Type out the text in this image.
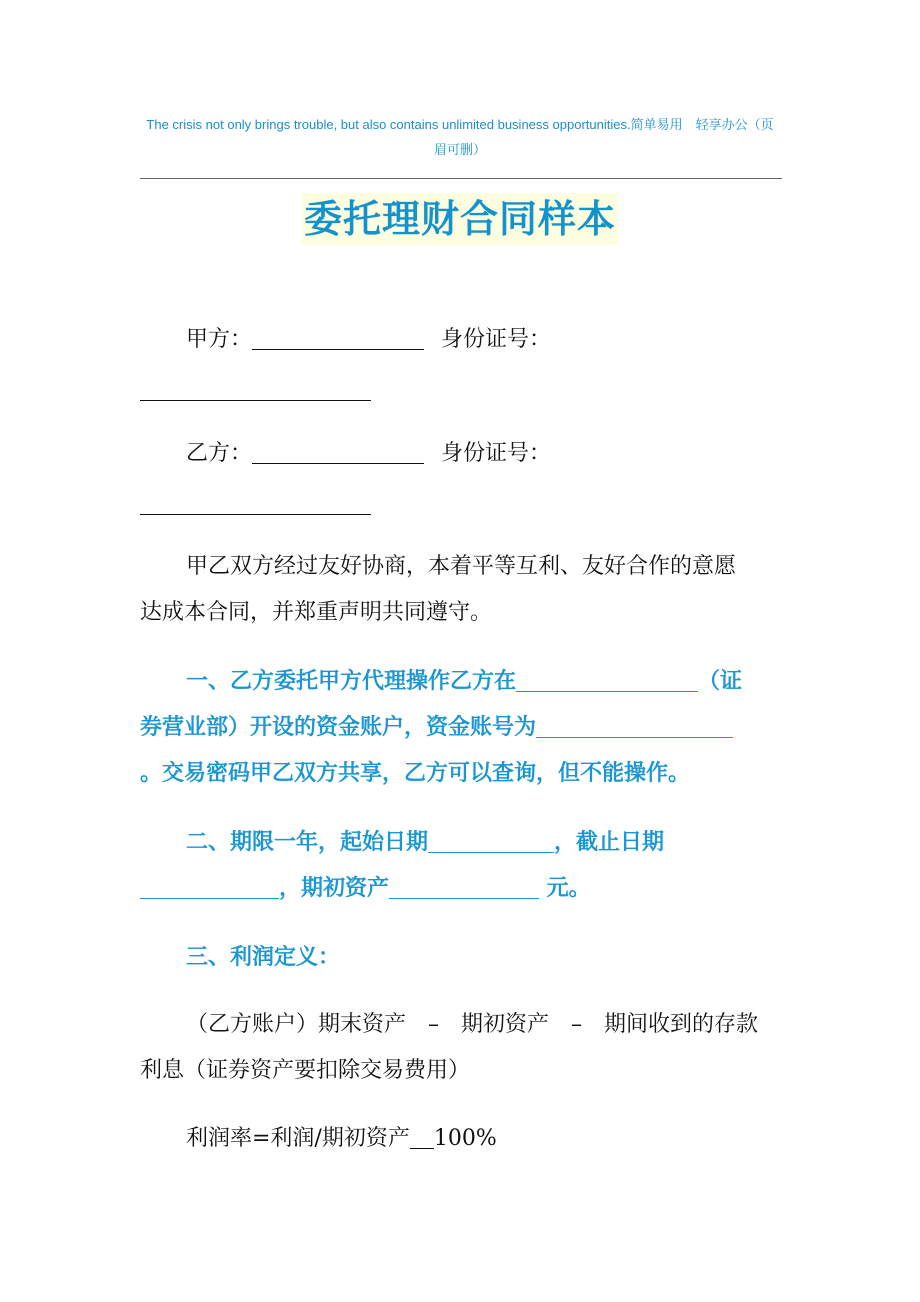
The crisis not only brings trouble, but also contains unlimited business opportunities.简单易用　轻享办公（页
眉可删）
委托理财合同样本
甲方：	身份证号：
乙方：	身份证号：
甲乙双方经过友好协商，本着平等互利、友好合作的意愿
达成本合同，并郑重声明共同遵守。
一、乙方委托甲方代理操作乙方在	（证
券营业部）开设的资金账户，资金账号为
。交易密码甲乙双方共享，乙方可以查询，但不能操作。
二、期限一年，起始日期	，截止日期
，期初资产	元。
三、利润定义：
（乙方账户）期末资产　–　期初资产　–　期间收到的存款
利息（证券资产要扣除交易费用）
利润率=利润/期初资产 100%
